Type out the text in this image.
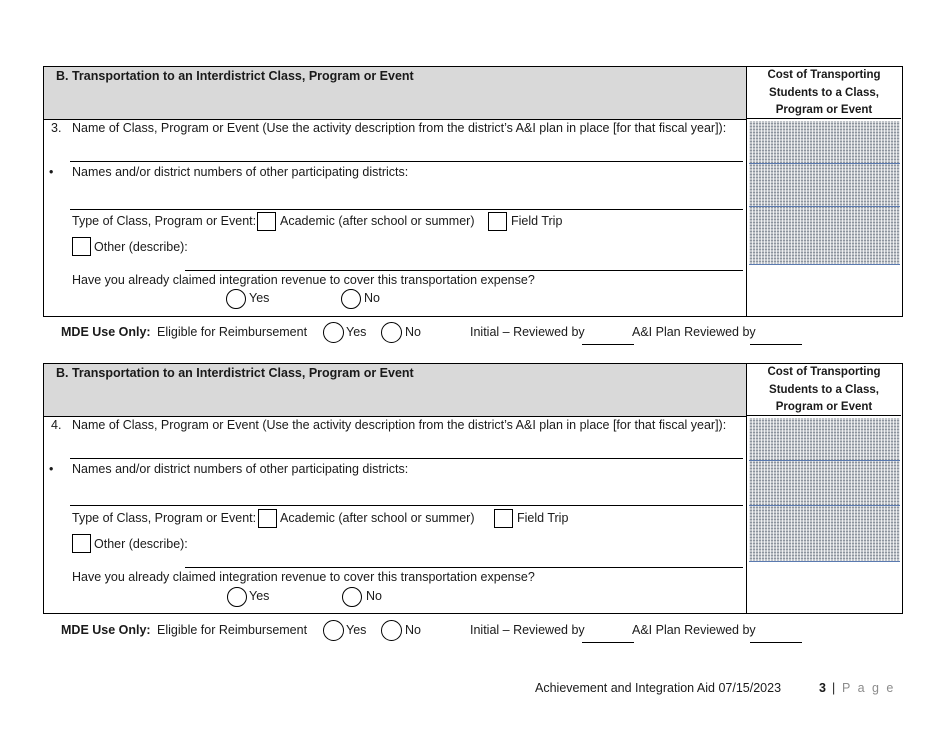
B. Transportation to an Interdistrict Class, Program or Event	Cost of Transporting
Students to a Class,
Program or Event
3. Name of Class, Program or Event (Use the activity description from the district’s A&I plan in place [for that fiscal year]):
• Names and/or district numbers of other participating districts:
Type of Class, Program or Event: Academic (after school or summer)	Field Trip
Other (describe):
Have you already claimed integration revenue to cover this transportation expense?
Yes	No
MDE Use Only: Eligible for Reimbursement	Yes	No	Initial – Reviewed by	A&I Plan Reviewed by
B. Transportation to an Interdistrict Class, Program or Event	Cost of Transporting
Students to a Class,
Program or Event
4. Name of Class, Program or Event (Use the activity description from the district’s A&I plan in place [for that fiscal year]):
• Names and/or district numbers of other participating districts:
Type of Class, Program or Event: Academic (after school or summer)	Field Trip
Other (describe):
Have you already claimed integration revenue to cover this transportation expense?
Yes	No
MDE Use Only: Eligible for Reimbursement	Yes	No	Initial – Reviewed by	A&I Plan Reviewed by
Achievement and Integration Aid 07/15/2023	3 | P a g e
